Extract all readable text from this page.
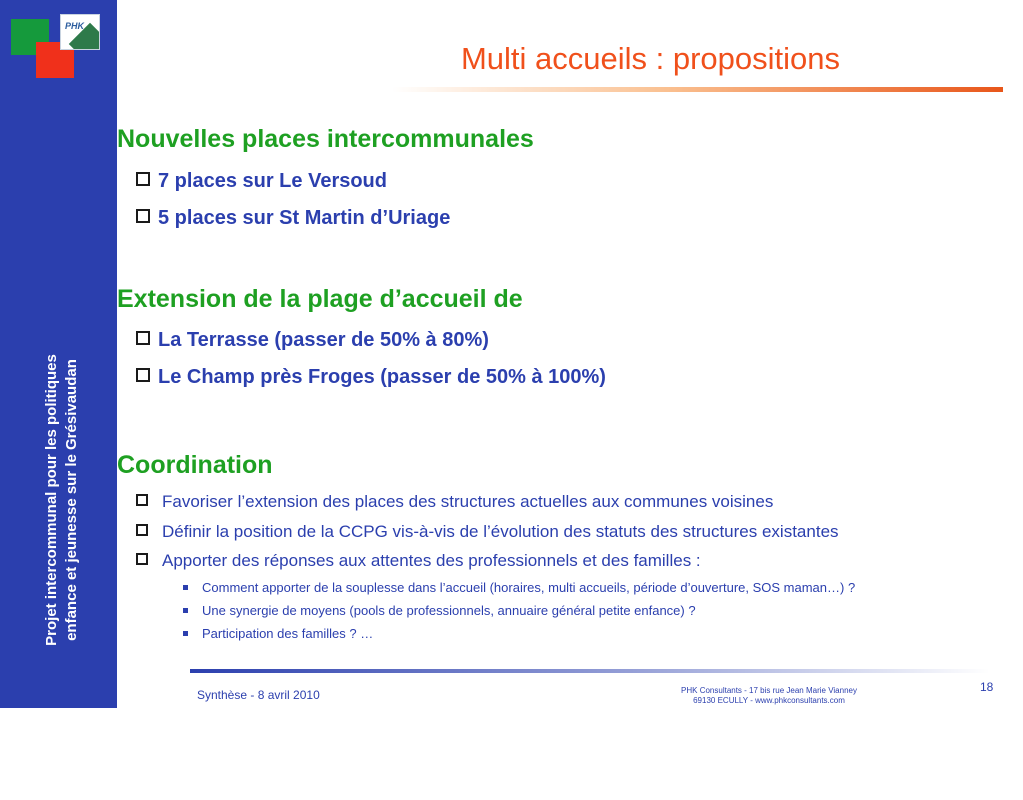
Projet intercommunal pour les politiques enfance et jeunesse sur le Grésivaudan
PHK
Multi accueils : propositions
Nouvelles places intercommunales
7 places sur Le Versoud
5 places sur St Martin d’Uriage
Extension de la plage d’accueil de
La Terrasse (passer de 50% à 80%)
Le Champ près Froges (passer de 50% à 100%)
Coordination
Favoriser l’extension des places des structures actuelles aux communes voisines
Définir la position de la CCPG vis-à-vis de l’évolution des statuts des structures existantes
Apporter des réponses aux attentes des professionnels et des familles :
Comment apporter de la souplesse dans l’accueil (horaires, multi accueils, période d’ouverture, SOS maman…) ?
Une synergie de moyens (pools de professionnels, annuaire général petite enfance) ?
Participation des familles ? …
Synthèse - 8 avril 2010	PHK Consultants - 17 bis rue Jean Marie Vianney
69130 ECULLY - www.phkconsultants.com
18
